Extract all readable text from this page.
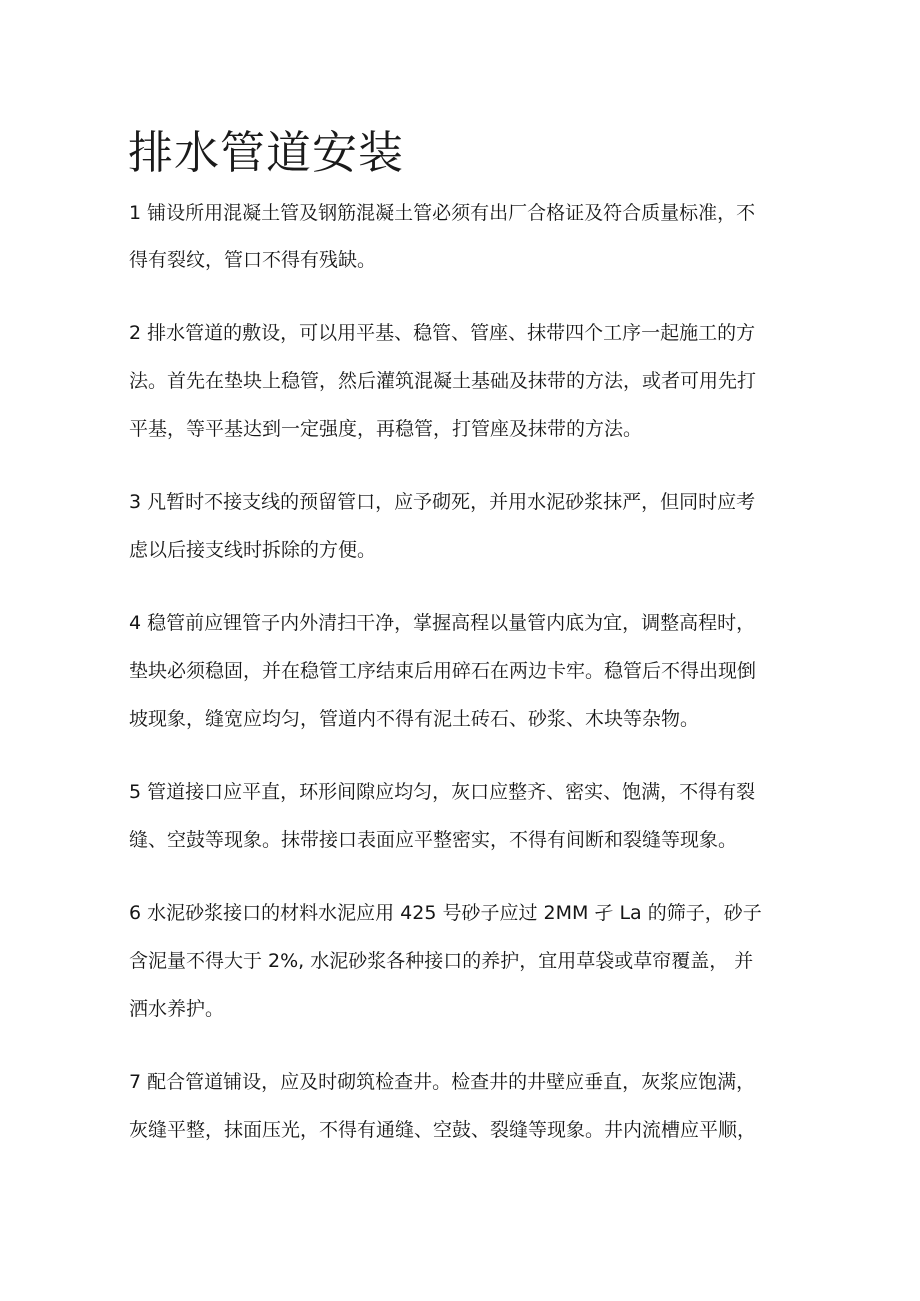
排水管道安装

1 铺设所用混凝土管及钢筋混凝土管必须有出厂合格证及符合质量标准，不

得有裂纹，管口不得有残缺。

2 排水管道的敷设，可以用平基、稳管、管座、抹带四个工序一起施工的方

法。首先在垫块上稳管，然后灌筑混凝土基础及抹带的方法，或者可用先打

平基，等平基达到一定强度，再稳管，打管座及抹带的方法。

3 凡暂时不接支线的预留管口，应予砌死，并用水泥砂浆抹严，但同时应考

虑以后接支线时拆除的方便。

4 稳管前应锂管子内外清扫干净，掌握高程以量管内底为宜，调整高程时，

垫块必须稳固，并在稳管工序结束后用碎石在两边卡牢。稳管后不得出现倒

坡现象，缝宽应均匀，管道内不得有泥土砖石、砂浆、木块等杂物。

5 管道接口应平直，环形间隙应均匀，灰口应整齐、密实、饱满，不得有裂

缝、空鼓等现象。抹带接口表面应平整密实，不得有间断和裂缝等现象。

6 水泥砂浆接口的材料水泥应用 425 号砂子应过 2MM 孑 La 的筛子，砂子

含泥量不得大于 2%, 水泥砂浆各种接口的养护，宜用草袋或草帘覆盖， 并

洒水养护。

7 配合管道铺设，应及时砌筑检查井。检查井的井壁应垂直，灰浆应饱满，

灰缝平整，抹面压光，不得有通缝、空鼓、裂缝等现象。井内流槽应平顺，
